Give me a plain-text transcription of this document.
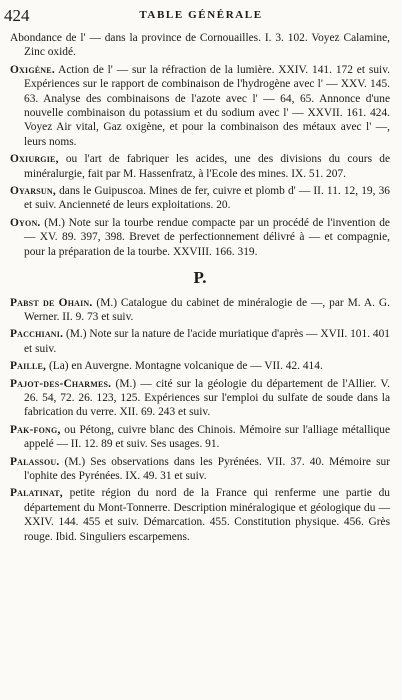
424	TABLE GÉNÉRALE

Abondance de l' — dans la province de Cornouailles. I. 3. 102. Voyez Calamine, Zinc oxidé.

Oxigène. Action de l' — sur la réfraction de la lumière. XXIV. 141. 172 et suiv. Expériences sur le rapport de combinaison de l'hydrogène avec l' — XXV. 145. 63. Analyse des combinaisons de l'azote avec l' — 64, 65. Annonce d'une nouvelle combinaison du potassium et du sodium avec l' — XXVII. 161. 424. Voyez Air vital, Gaz oxigène, et pour la combinaison des métaux avec l' —, leurs noms.

Oxiurgie, ou l'art de fabriquer les acides, une des divisions du cours de minéralurgie, fait par M. Hassenfratz, à l'Ecole des mines. IX. 51. 207.

Oyarsun, dans le Guipuscoa. Mines de fer, cuivre et plomb d' — II. 11. 12, 19, 36 et suiv. Ancienneté de leurs exploitations. 20.

Oyon. (M.) Note sur la tourbe rendue compacte par un procédé de l'invention de — XV. 89. 397, 398. Brevet de perfectionnement délivré à — et compagnie, pour la préparation de la tourbe. XXVIII. 166. 319.

P.

Pabst de Ohain. (M.) Catalogue du cabinet de minéralogie de —, par M. A. G. Werner. II. 9. 73 et suiv.

Pacchiani. (M.) Note sur la nature de l'acide muriatique d'après — XVII. 101. 401 et suiv.

Paille, (La) en Auvergne. Montagne volcanique de — VII. 42. 414.

Pajot-des-Charmes. (M.) — cité sur la géologie du département de l'Allier. V. 26. 54, 72. 26. 123, 125. Expériences sur l'emploi du sulfate de soude dans la fabrication du verre. XII. 69. 243 et suiv.

Pak-fong, ou Pétong, cuivre blanc des Chinois. Mémoire sur l'alliage métallique appelé — II. 12. 89 et suiv. Ses usages. 91.

Palassou. (M.) Ses observations dans les Pyrénées. VII. 37. 40. Mémoire sur l'ophite des Pyrénées. IX. 49. 31 et suiv.

Palatinat, petite région du nord de la France qui renferme une partie du département du Mont-Tonnerre. Description minéralogique et géologique du — XXIV. 144. 455 et suiv. Démarcation. 455. Constitution physique. 456. Grès rouge. Ibid. Singuliers escarpemens.
